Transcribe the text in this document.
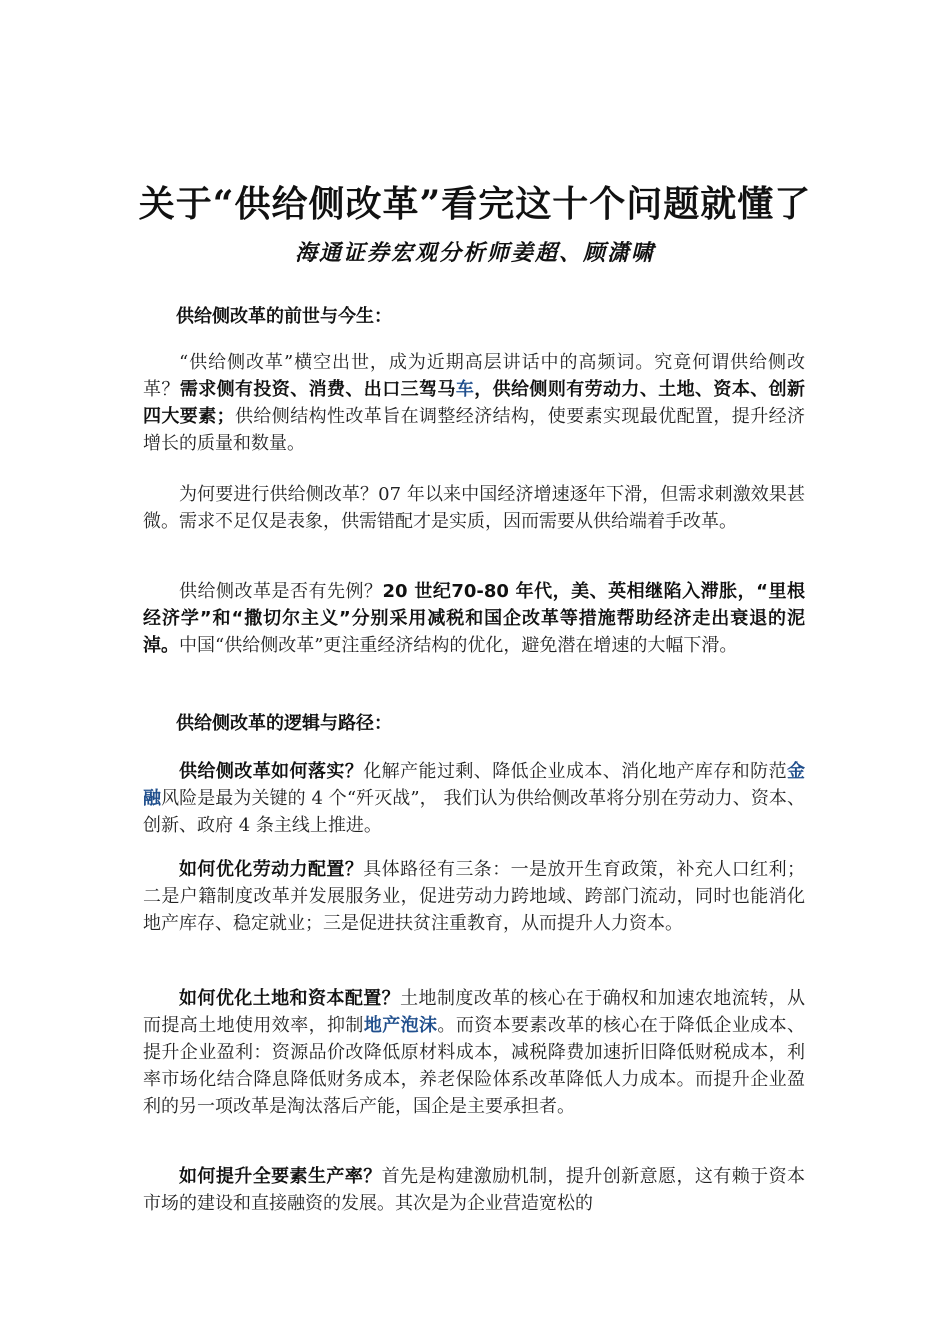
关于“供给侧改革”看完这十个问题就懂了
海通证券宏观分析师姜超、顾潇啸
供给侧改革的前世与今生：

“供给侧改革”横空出世，成为近期高层讲话中的高频词。究竟何谓供给侧改革？需求侧有投资、消费、出口三驾马车，供给侧则有劳动力、土地、资本、创新四大要素；供给侧结构性改革旨在调整经济结构，使要素实现最优配置，提升经济增长的质量和数量。

为何要进行供给侧改革？07 年以来中国经济增速逐年下滑，但需求刺激效果甚微。需求不足仅是表象，供需错配才是实质，因而需要从供给端着手改革。

供给侧改革是否有先例？20 世纪70-80 年代，美、英相继陷入滞胀，“里根经济学”和“撒切尔主义”分别采用减税和国企改革等措施帮助经济走出衰退的泥淖。中国“供给侧改革”更注重经济结构的优化，避免潜在增速的大幅下滑。

供给侧改革的逻辑与路径：

供给侧改革如何落实？化解产能过剩、降低企业成本、消化地产库存和防范金融风险是最为关键的 4 个“歼灭战”， 我们认为供给侧改革将分别在劳动力、资本、创新、政府 4 条主线上推进。

如何优化劳动力配置？具体路径有三条：一是放开生育政策，补充人口红利；二是户籍制度改革并发展服务业，促进劳动力跨地域、跨部门流动，同时也能消化地产库存、稳定就业；三是促进扶贫注重教育，从而提升人力资本。

如何优化土地和资本配置？土地制度改革的核心在于确权和加速农地流转，从而提高土地使用效率，抑制地产泡沫。而资本要素改革的核心在于降低企业成本、提升企业盈利：资源品价改降低原材料成本，减税降费加速折旧降低财税成本，利率市场化结合降息降低财务成本，养老保险体系改革降低人力成本。而提升企业盈利的另一项改革是淘汰落后产能，国企是主要承担者。

如何提升全要素生产率？首先是构建激励机制，提升创新意愿，这有赖于资本市场的建设和直接融资的发展。其次是为企业营造宽松的
